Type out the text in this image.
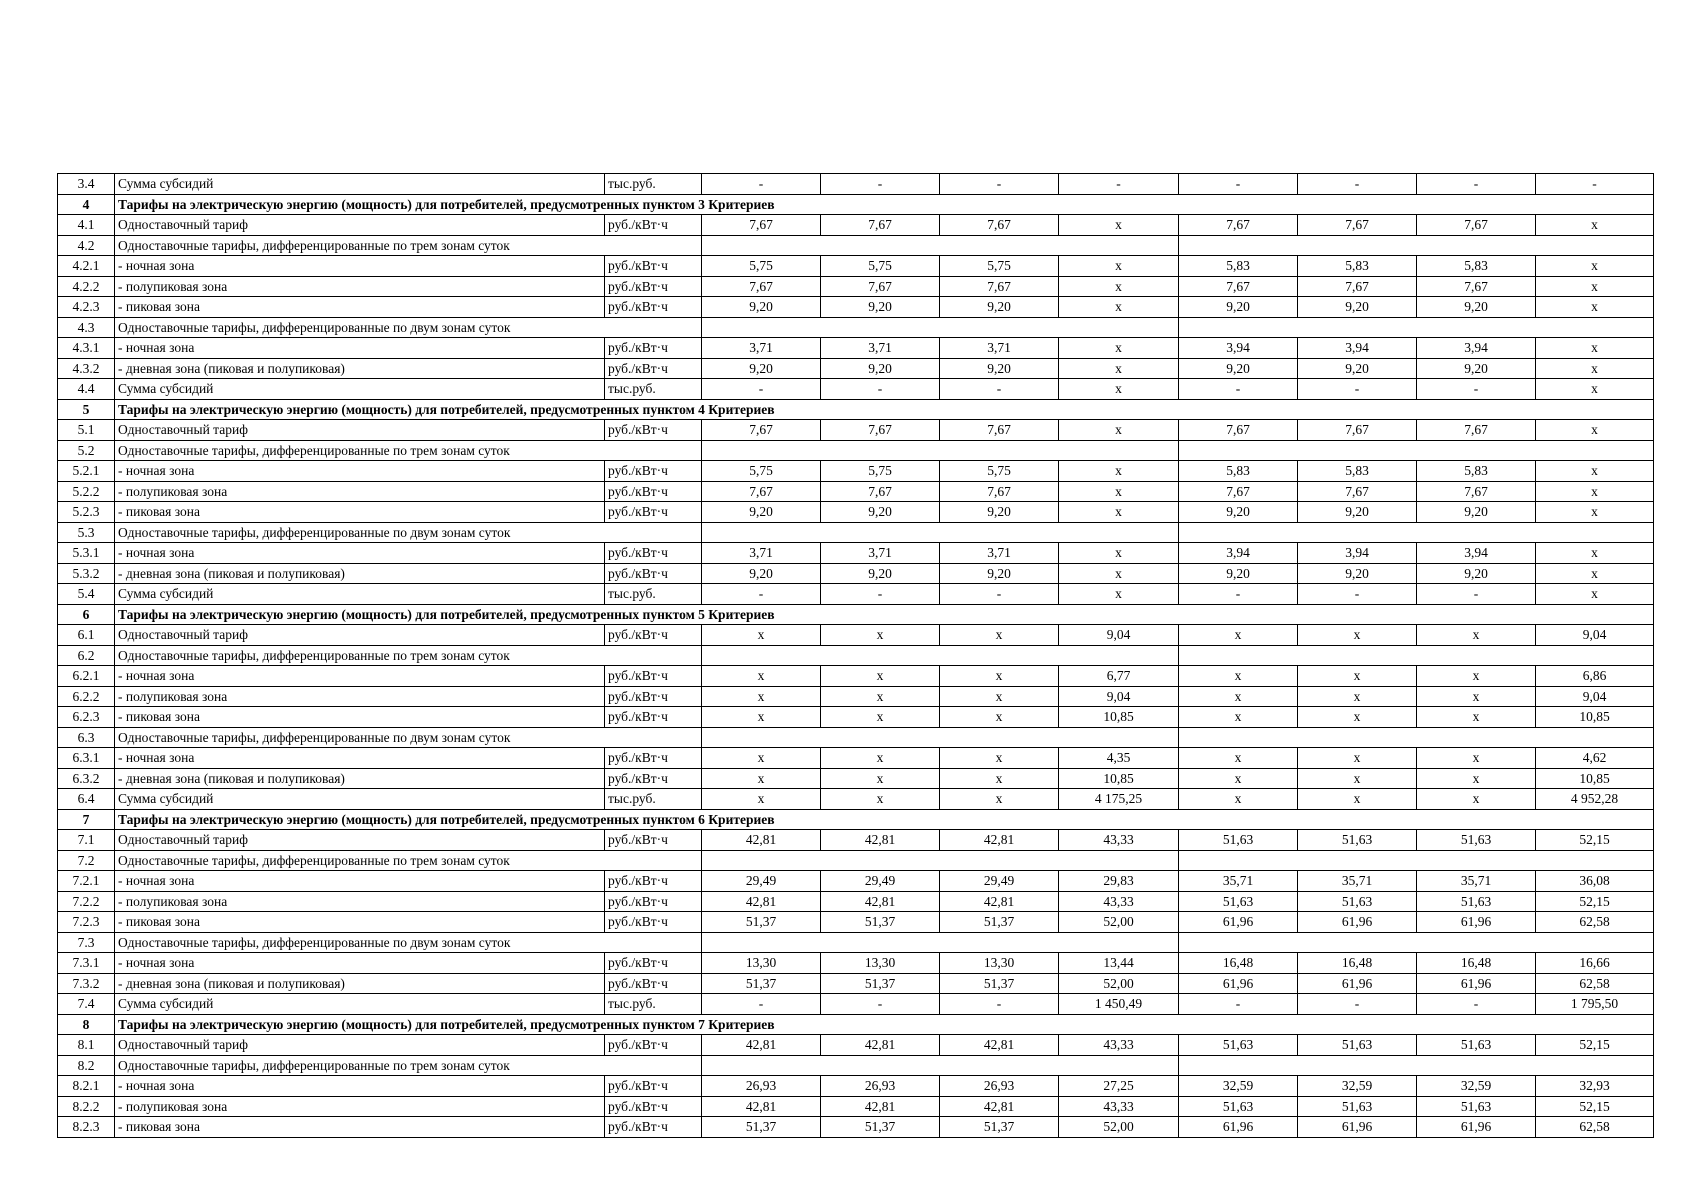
3.4	Сумма субсидий	тыс.руб.	-	-	-	-	-	-	-	-
4	Тарифы на электрическую энергию (мощность) для потребителей, предусмотренных пунктом 3 Критериев									
4.1	Одноставочный тариф	руб./кВт·ч	7,67	7,67	7,67	x	7,67	7,67	7,67	x
4.2	Одноставочные тарифы, дифференцированные по трем зонам суток									
4.2.1	- ночная зона	руб./кВт·ч	5,75	5,75	5,75	x	5,83	5,83	5,83	x
4.2.2	- полупиковая зона	руб./кВт·ч	7,67	7,67	7,67	x	7,67	7,67	7,67	x
4.2.3	- пиковая зона	руб./кВт·ч	9,20	9,20	9,20	x	9,20	9,20	9,20	x
4.3	Одноставочные тарифы, дифференцированные по двум зонам суток									
4.3.1	- ночная зона	руб./кВт·ч	3,71	3,71	3,71	x	3,94	3,94	3,94	x
4.3.2	- дневная зона (пиковая и полупиковая)	руб./кВт·ч	9,20	9,20	9,20	x	9,20	9,20	9,20	x
4.4	Сумма субсидий	тыс.руб.	-	-	-	x	-	-	-	x
5	Тарифы на электрическую энергию (мощность) для потребителей, предусмотренных пунктом 4 Критериев									
5.1	Одноставочный тариф	руб./кВт·ч	7,67	7,67	7,67	x	7,67	7,67	7,67	x
5.2	Одноставочные тарифы, дифференцированные по трем зонам суток									
5.2.1	- ночная зона	руб./кВт·ч	5,75	5,75	5,75	x	5,83	5,83	5,83	x
5.2.2	- полупиковая зона	руб./кВт·ч	7,67	7,67	7,67	x	7,67	7,67	7,67	x
5.2.3	- пиковая зона	руб./кВт·ч	9,20	9,20	9,20	x	9,20	9,20	9,20	x
5.3	Одноставочные тарифы, дифференцированные по двум зонам суток									
5.3.1	- ночная зона	руб./кВт·ч	3,71	3,71	3,71	x	3,94	3,94	3,94	x
5.3.2	- дневная зона (пиковая и полупиковая)	руб./кВт·ч	9,20	9,20	9,20	x	9,20	9,20	9,20	x
5.4	Сумма субсидий	тыс.руб.	-	-	-	x	-	-	-	x
6	Тарифы на электрическую энергию (мощность) для потребителей, предусмотренных пунктом 5 Критериев									
6.1	Одноставочный тариф	руб./кВт·ч	x	x	x	9,04	x	x	x	9,04
6.2	Одноставочные тарифы, дифференцированные по трем зонам суток									
6.2.1	- ночная зона	руб./кВт·ч	x	x	x	6,77	x	x	x	6,86
6.2.2	- полупиковая зона	руб./кВт·ч	x	x	x	9,04	x	x	x	9,04
6.2.3	- пиковая зона	руб./кВт·ч	x	x	x	10,85	x	x	x	10,85
6.3	Одноставочные тарифы, дифференцированные по двум зонам суток									
6.3.1	- ночная зона	руб./кВт·ч	x	x	x	4,35	x	x	x	4,62
6.3.2	- дневная зона (пиковая и полупиковая)	руб./кВт·ч	x	x	x	10,85	x	x	x	10,85
6.4	Сумма субсидий	тыс.руб.	x	x	x	4 175,25	x	x	x	4 952,28
7	Тарифы на электрическую энергию (мощность) для потребителей, предусмотренных пунктом 6 Критериев									
7.1	Одноставочный тариф	руб./кВт·ч	42,81	42,81	42,81	43,33	51,63	51,63	51,63	52,15
7.2	Одноставочные тарифы, дифференцированные по трем зонам суток									
7.2.1	- ночная зона	руб./кВт·ч	29,49	29,49	29,49	29,83	35,71	35,71	35,71	36,08
7.2.2	- полупиковая зона	руб./кВт·ч	42,81	42,81	42,81	43,33	51,63	51,63	51,63	52,15
7.2.3	- пиковая зона	руб./кВт·ч	51,37	51,37	51,37	52,00	61,96	61,96	61,96	62,58
7.3	Одноставочные тарифы, дифференцированные по двум зонам суток									
7.3.1	- ночная зона	руб./кВт·ч	13,30	13,30	13,30	13,44	16,48	16,48	16,48	16,66
7.3.2	- дневная зона (пиковая и полупиковая)	руб./кВт·ч	51,37	51,37	51,37	52,00	61,96	61,96	61,96	62,58
7.4	Сумма субсидий	тыс.руб.	-	-	-	1 450,49	-	-	-	1 795,50
8	Тарифы на электрическую энергию (мощность) для потребителей, предусмотренных пунктом 7 Критериев									
8.1	Одноставочный тариф	руб./кВт·ч	42,81	42,81	42,81	43,33	51,63	51,63	51,63	52,15
8.2	Одноставочные тарифы, дифференцированные по трем зонам суток									
8.2.1	- ночная зона	руб./кВт·ч	26,93	26,93	26,93	27,25	32,59	32,59	32,59	32,93
8.2.2	- полупиковая зона	руб./кВт·ч	42,81	42,81	42,81	43,33	51,63	51,63	51,63	52,15
8.2.3	- пиковая зона	руб./кВт·ч	51,37	51,37	51,37	52,00	61,96	61,96	61,96	62,58
